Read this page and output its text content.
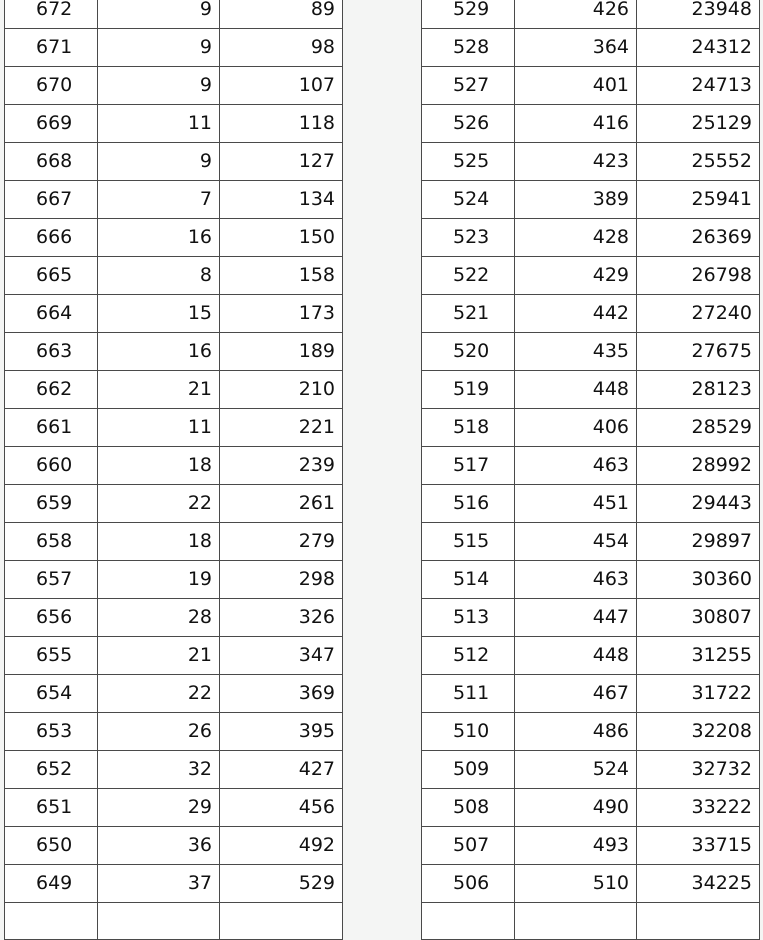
672	9	89
671	9	98
670	9	107
669	11	118
668	9	127
667	7	134
666	16	150
665	8	158
664	15	173
663	16	189
662	21	210
661	11	221
660	18	239
659	22	261
658	18	279
657	19	298
656	28	326
655	21	347
654	22	369
653	26	395
652	32	427
651	29	456
650	36	492
649	37	529

529	426	23948
528	364	24312
527	401	24713
526	416	25129
525	423	25552
524	389	25941
523	428	26369
522	429	26798
521	442	27240
520	435	27675
519	448	28123
518	406	28529
517	463	28992
516	451	29443
515	454	29897
514	463	30360
513	447	30807
512	448	31255
511	467	31722
510	486	32208
509	524	32732
508	490	33222
507	493	33715
506	510	34225
